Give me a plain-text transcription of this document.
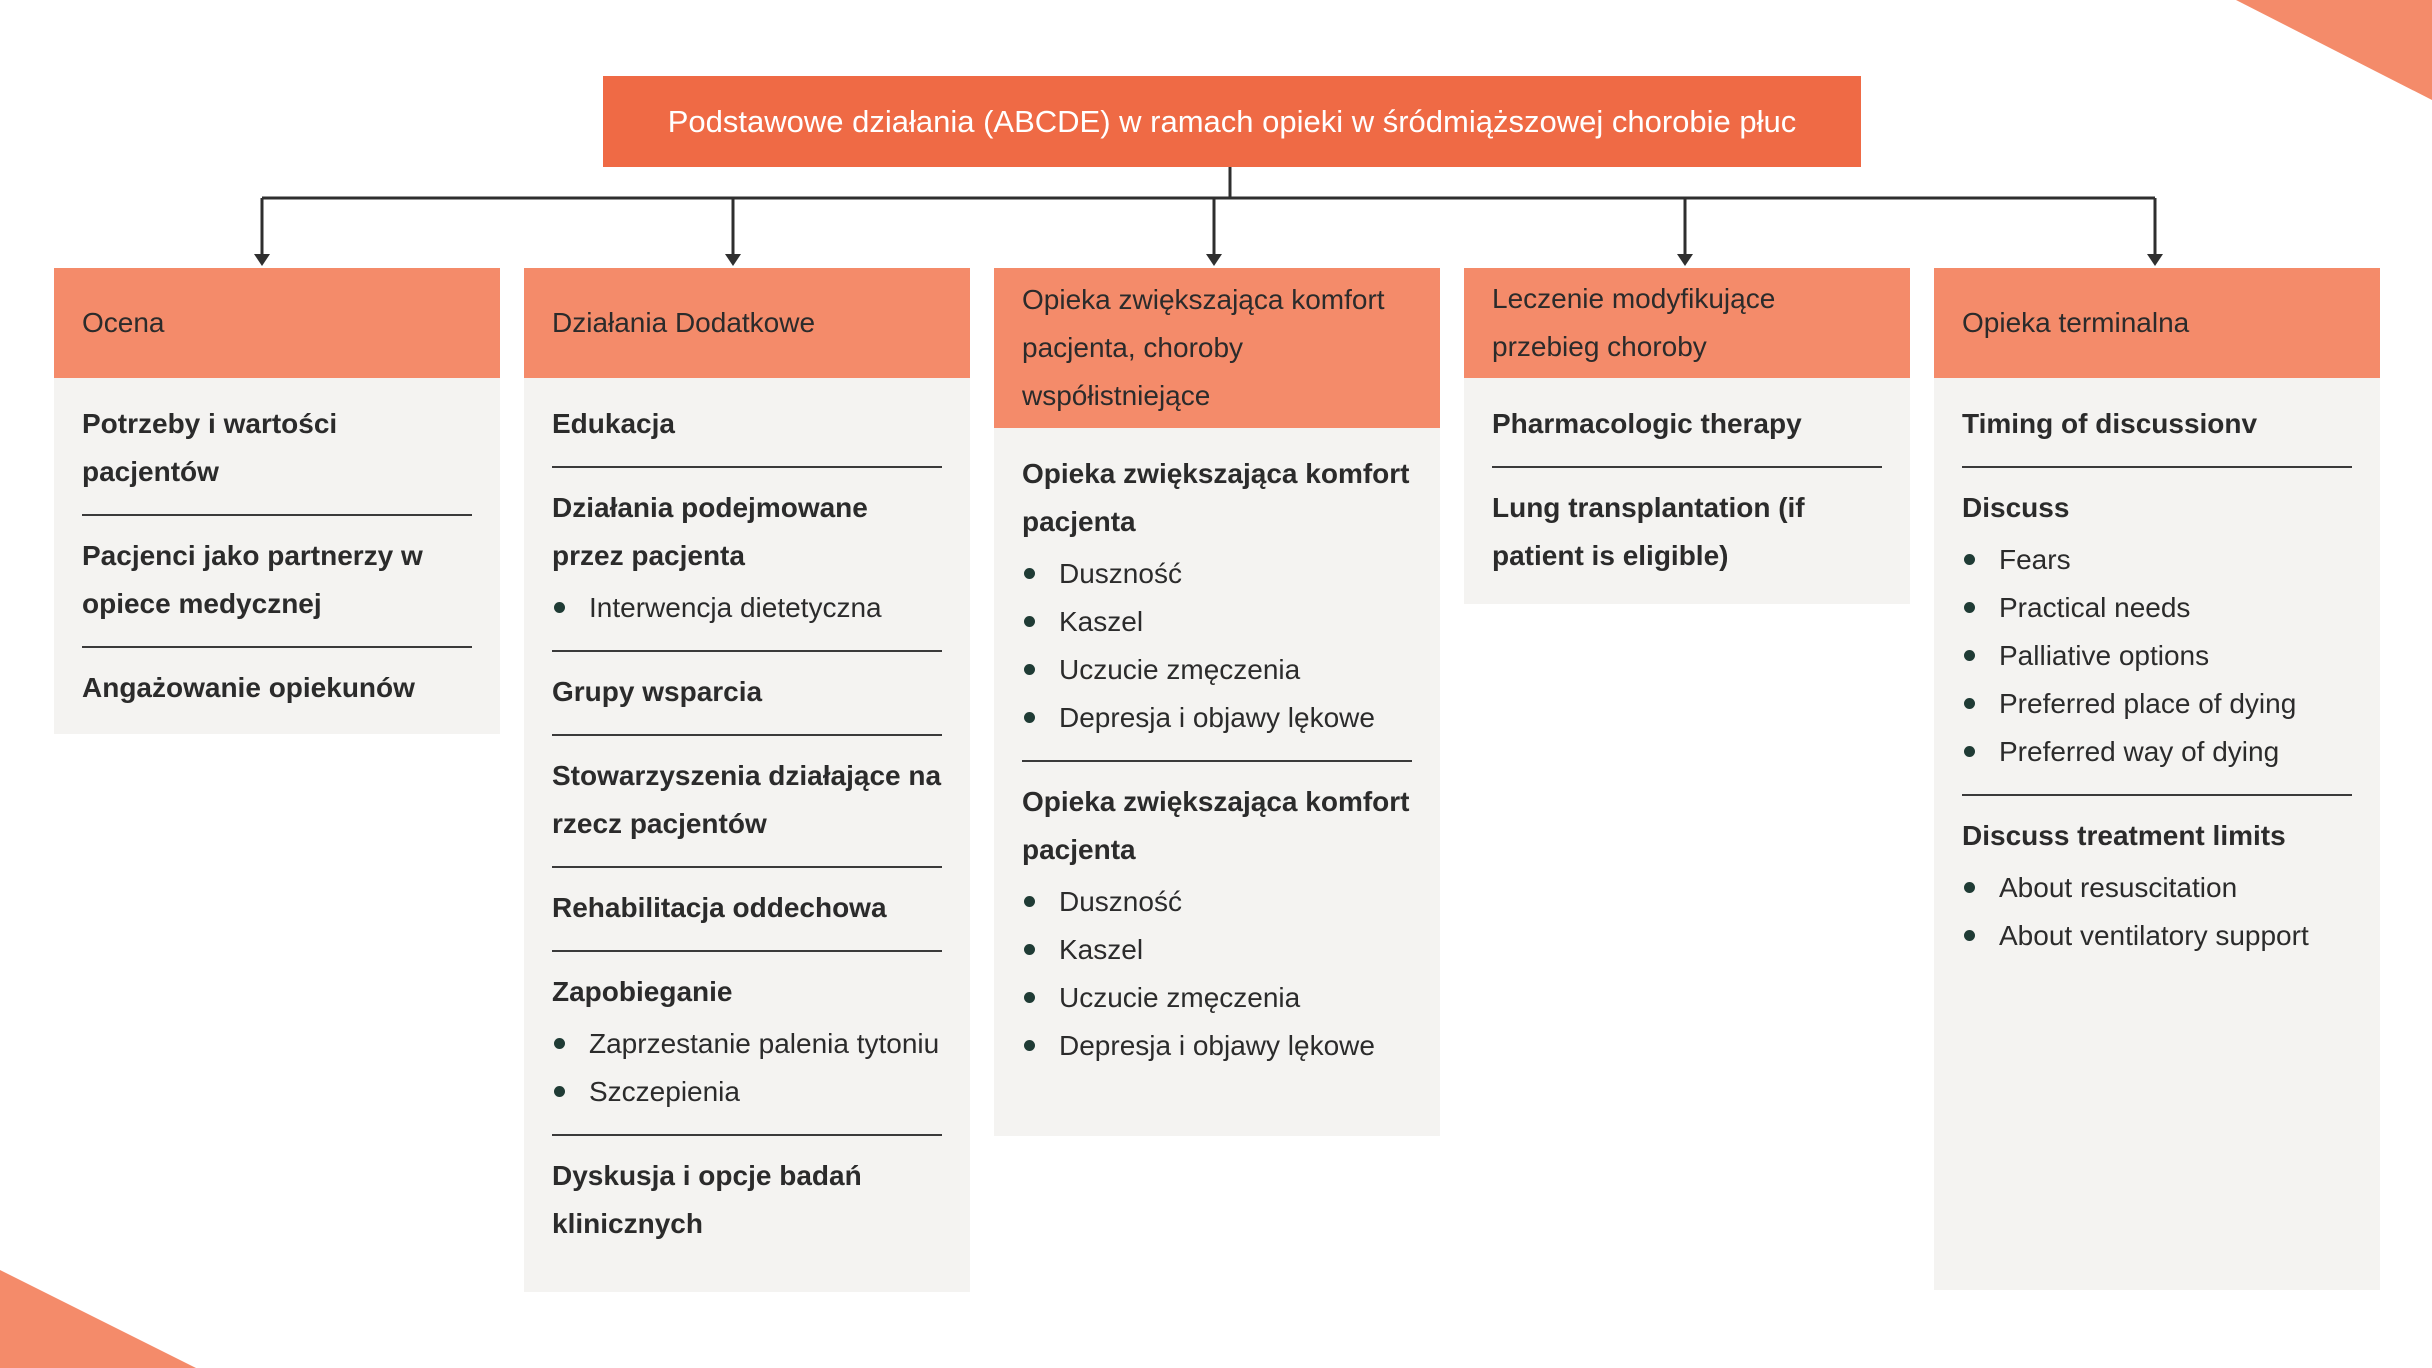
Podstawowe działania (ABCDE) w ramach opieki w śródmiąższowej chorobie płuc
Ocena
Potrzeby i wartości pacjentów
Pacjenci jako partnerzy w opiece medycznej
Angażowanie opiekunów
Działania Dodatkowe
Edukacja
Działania podejmowane przez pacjenta
Interwencja dietetyczna
Grupy wsparcia
Stowarzyszenia działające na rzecz pacjentów
Rehabilitacja oddechowa
Zapobieganie
Zaprzestanie palenia tytoniu
Szczepienia
Dyskusja i opcje badań klinicznych
Opieka zwiększająca komfort pacjenta, choroby współistniejące
Opieka zwiększająca komfort pacjenta
Duszność
Kaszel
Uczucie zmęczenia
Depresja i objawy lękowe
Opieka zwiększająca komfort pacjenta
Duszność
Kaszel
Uczucie zmęczenia
Depresja i objawy lękowe
Leczenie modyfikujące przebieg choroby
Pharmacologic therapy
Lung transplantation (if patient is eligible)
Opieka terminalna
Timing of discussionv
Discuss
Fears
Practical needs
Palliative options
Preferred place of dying
Preferred way of dying
Discuss treatment limits
About resuscitation
About ventilatory support
